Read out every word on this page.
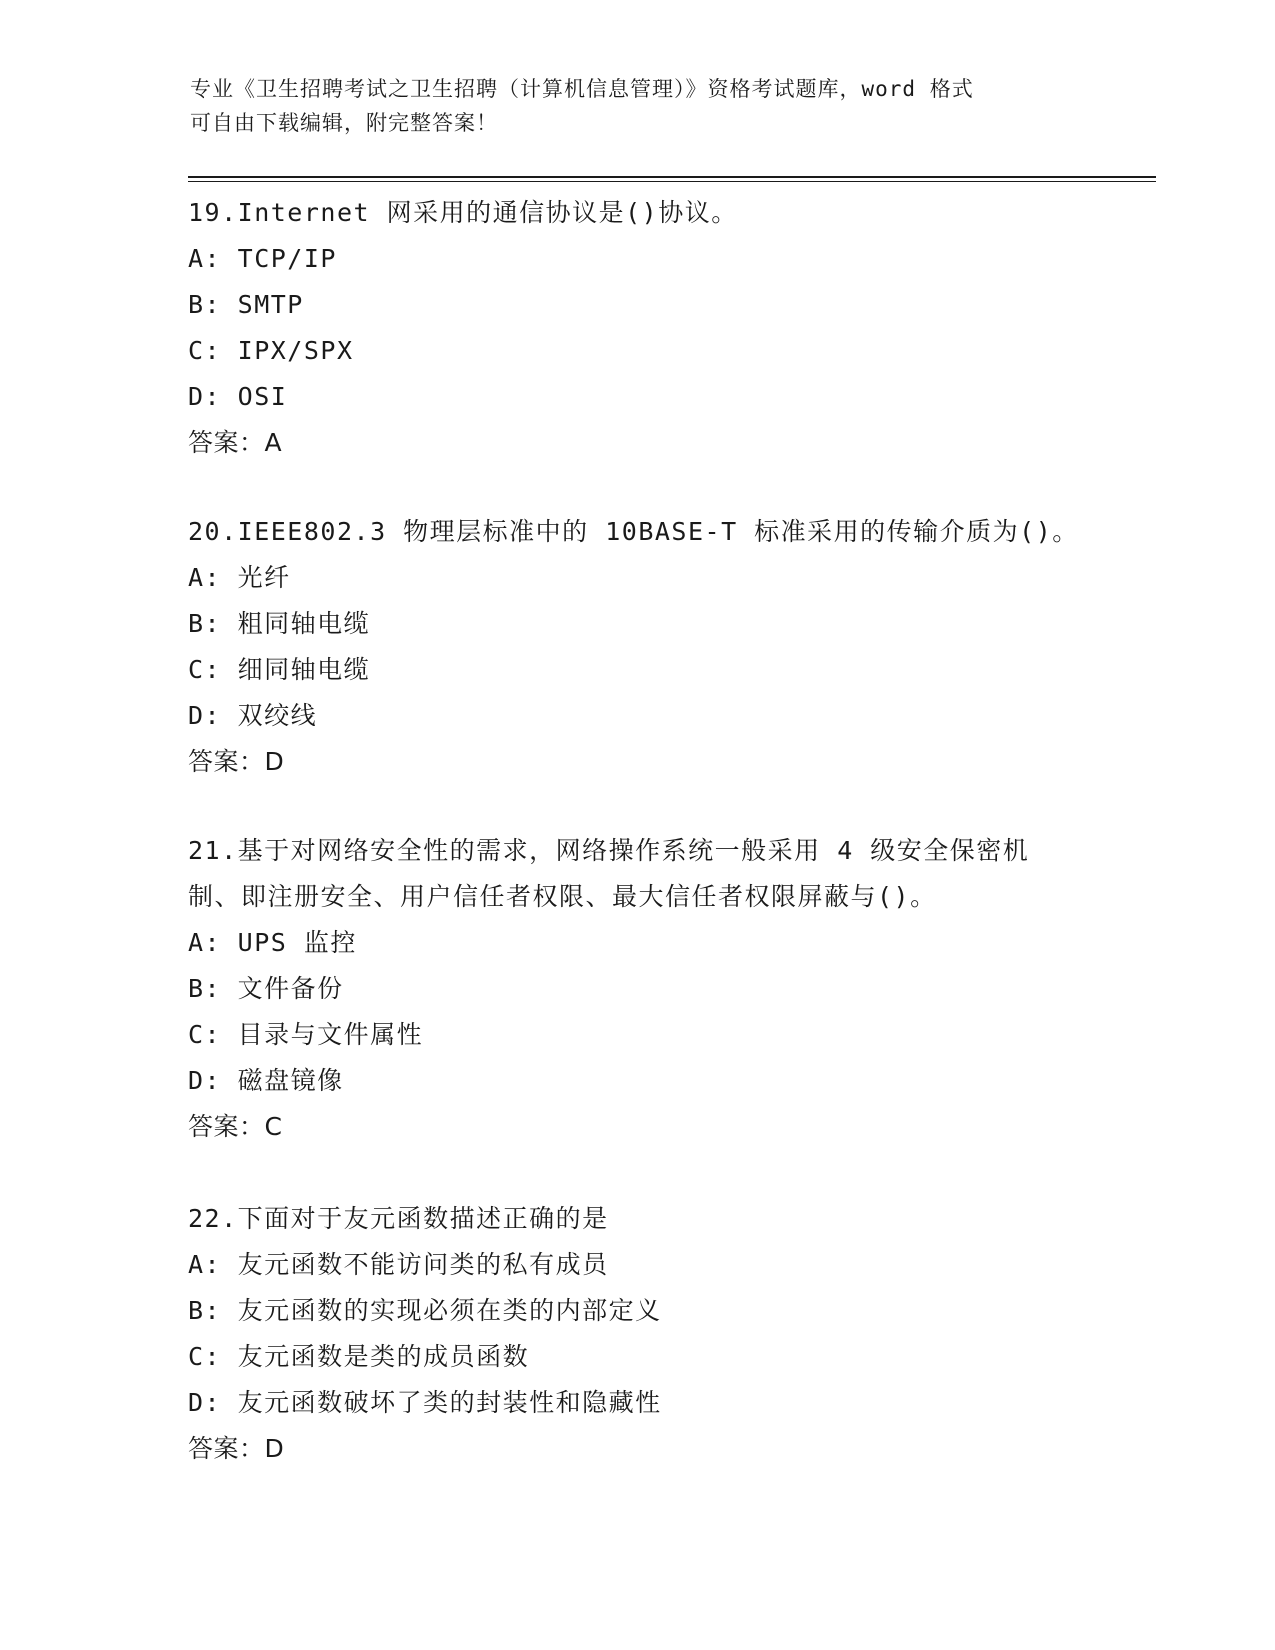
专业《卫生招聘考试之卫生招聘（计算机信息管理）》资格考试题库，word 格式
可自由下载编辑，附完整答案！
19.Internet 网采用的通信协议是()协议。
A: TCP/IP
B: SMTP
C: IPX/SPX
D: OSI
答案：A
20.IEEE802.3 物理层标准中的 10BASE-T 标准采用的传输介质为()。
A: 光纤
B: 粗同轴电缆
C: 细同轴电缆
D: 双绞线
答案：D
21.基于对网络安全性的需求，网络操作系统一般采用 4 级安全保密机
制、即注册安全、用户信任者权限、最大信任者权限屏蔽与()。
A: UPS 监控
B: 文件备份
C: 目录与文件属性
D: 磁盘镜像
答案：C
22.下面对于友元函数描述正确的是
A: 友元函数不能访问类的私有成员
B: 友元函数的实现必须在类的内部定义
C: 友元函数是类的成员函数
D: 友元函数破坏了类的封装性和隐藏性
答案：D
